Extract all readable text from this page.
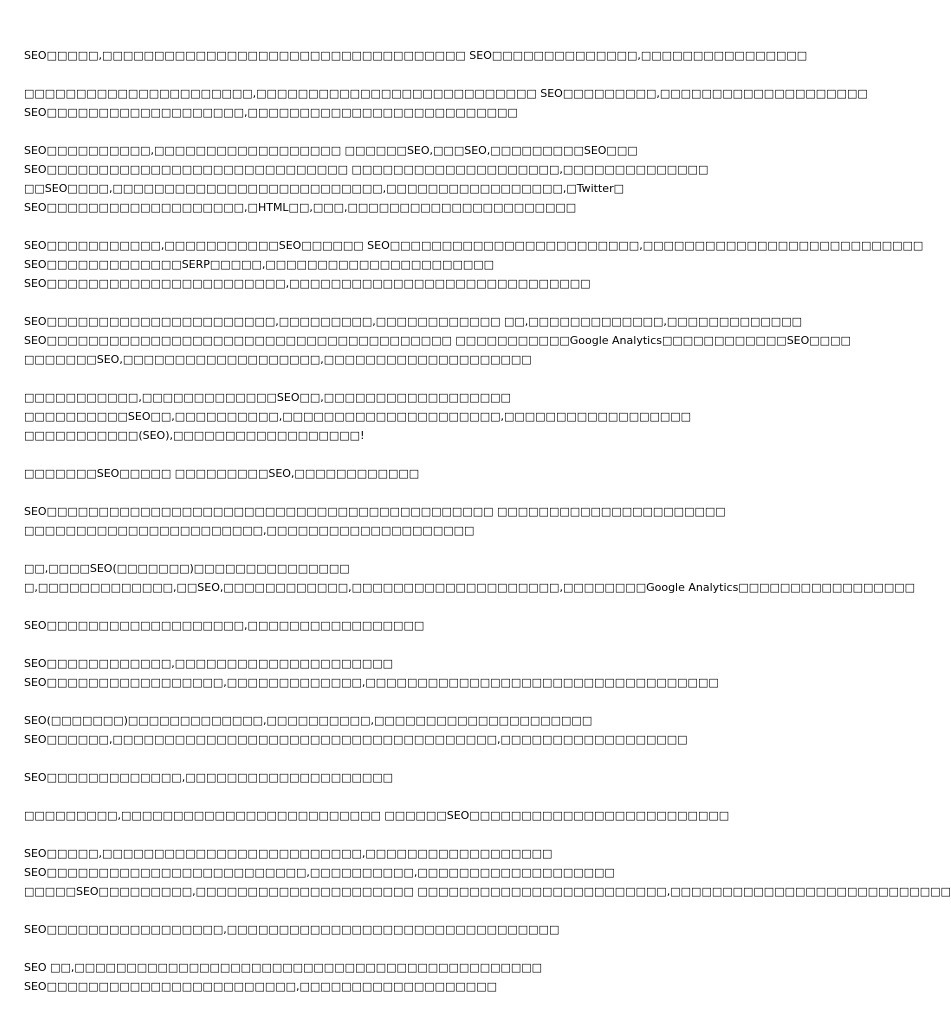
SEO□□□□□,□□□□□□□□□□□□□□□□□□□□□□□□□□□□□□□□□□□ SEO□□□□□□□□□□□□□□,□□□□□□□□□□□□□□□□
□□□□□□□□□□□□□□□□□□□□□□,□□□□□□□□□□□□□□□□□□□□□□□□□□□ SEO□□□□□□□□□,□□□□□□□□□□□□□□□□□□□□
SEO□□□□□□□□□□□□□□□□□□□,□□□□□□□□□□□□□□□□□□□□□□□□□□
SEO□□□□□□□□□□,□□□□□□□□□□□□□□□□□□ □□□□□□SEO,□□□SEO,□□□□□□□□□SEO□□□
SEO□□□□□□□□□□□□□□□□□□□□□□□□□□□□□ □□□□□□□□□□□□□□□□□□□□,□□□□□□□□□□□□□□
□□SEO□□□□,□□□□□□□□□□□□□□□□□□□□□□□□□□,□□□□□□□□□□□□□□□□□,□Twitter□
SEO□□□□□□□□□□□□□□□□□□□,□HTML□□,□□□,□□□□□□□□□□□□□□□□□□□□□□
SEO□□□□□□□□□□□,□□□□□□□□□□□SEO□□□□□□ SEO□□□□□□□□□□□□□□□□□□□□□□□□,□□□□□□□□□□□□□□□□□□□□□□□□□□□
SEO□□□□□□□□□□□□□SERP□□□□□,□□□□□□□□□□□□□□□□□□□□□□
SEO□□□□□□□□□□□□□□□□□□□□□□□,□□□□□□□□□□□□□□□□□□□□□□□□□□□□□
SEO□□□□□□□□□□□□□□□□□□□□□□,□□□□□□□□□,□□□□□□□□□□□□ □□,□□□□□□□□□□□□□,□□□□□□□□□□□□□
SEO□□□□□□□□□□□□□□□□□□□□□□□□□□□□□□□□□□□□□□□ □□□□□□□□□□□Google Analytics□□□□□□□□□□□□SEO□□□□
□□□□□□□SEO,□□□□□□□□□□□□□□□□□□□,□□□□□□□□□□□□□□□□□□□□
□□□□□□□□□□□,□□□□□□□□□□□□□SEO□□,□□□□□□□□□□□□□□□□□□
□□□□□□□□□□SEO□□,□□□□□□□□□□,□□□□□□□□□□□□□□□□□□□□□,□□□□□□□□□□□□□□□□□□
□□□□□□□□□□□(SEO),□□□□□□□□□□□□□□□□□□!
□□□□□□□SEO□□□□□ □□□□□□□□□SEO,□□□□□□□□□□□□
SEO□□□□□□□□□□□□□□□□□□□□□□□□□□□□□□□□□□□□□□□□□□□ □□□□□□□□□□□□□□□□□□□□□□
□□□□□□□□□□□□□□□□□□□□□□□,□□□□□□□□□□□□□□□□□□□□
□□,□□□□SEO(□□□□□□□)□□□□□□□□□□□□□□□
□,□□□□□□□□□□□□□,□□SEO,□□□□□□□□□□□□,□□□□□□□□□□□□□□□□□□□□,□□□□□□□□Google Analytics□□□□□□□□□□□□□□□□□
SEO□□□□□□□□□□□□□□□□□□□,□□□□□□□□□□□□□□□□□
SEO□□□□□□□□□□□□,□□□□□□□□□□□□□□□□□□□□□
SEO□□□□□□□□□□□□□□□□□,□□□□□□□□□□□□□,□□□□□□□□□□□□□□□□□□□□□□□□□□□□□□□□□□
SEO(□□□□□□□)□□□□□□□□□□□□□,□□□□□□□□□□,□□□□□□□□□□□□□□□□□□□□□
SEO□□□□□□,□□□□□□□□□□□□□□□□□□□□□□□□□□□□□□□□□□□□□,□□□□□□□□□□□□□□□□□□
SEO□□□□□□□□□□□□□,□□□□□□□□□□□□□□□□□□□□
□□□□□□□□□,□□□□□□□□□□□□□□□□□□□□□□□□□ □□□□□□SEO□□□□□□□□□□□□□□□□□□□□□□□□□
SEO□□□□□,□□□□□□□□□□□□□□□□□□□□□□□□□,□□□□□□□□□□□□□□□□□□
SEO□□□□□□□□□□□□□□□□□□□□□□□□□,□□□□□□□□□□,□□□□□□□□□□□□□□□□□□□
□□□□□SEO□□□□□□□□□,□□□□□□□□□□□□□□□□□□□□□ □□□□□□□□□□□□□□□□□□□□□□□□,□□□□□□□□□□□□□□□□□□□□□□□□□□□
SEO□□□□□□□□□□□□□□□□□,□□□□□□□□□□□□□□□□□□□□□□□□□□□□□□□□
SEO □□,□□□□□□□□□□□□□□□□□□□□□□□□□□□□□□□□□□□□□□□□□□□□□
SEO□□□□□□□□□□□□□□□□□□□□□□□□,□□□□□□□□□□□□□□□□□□□
